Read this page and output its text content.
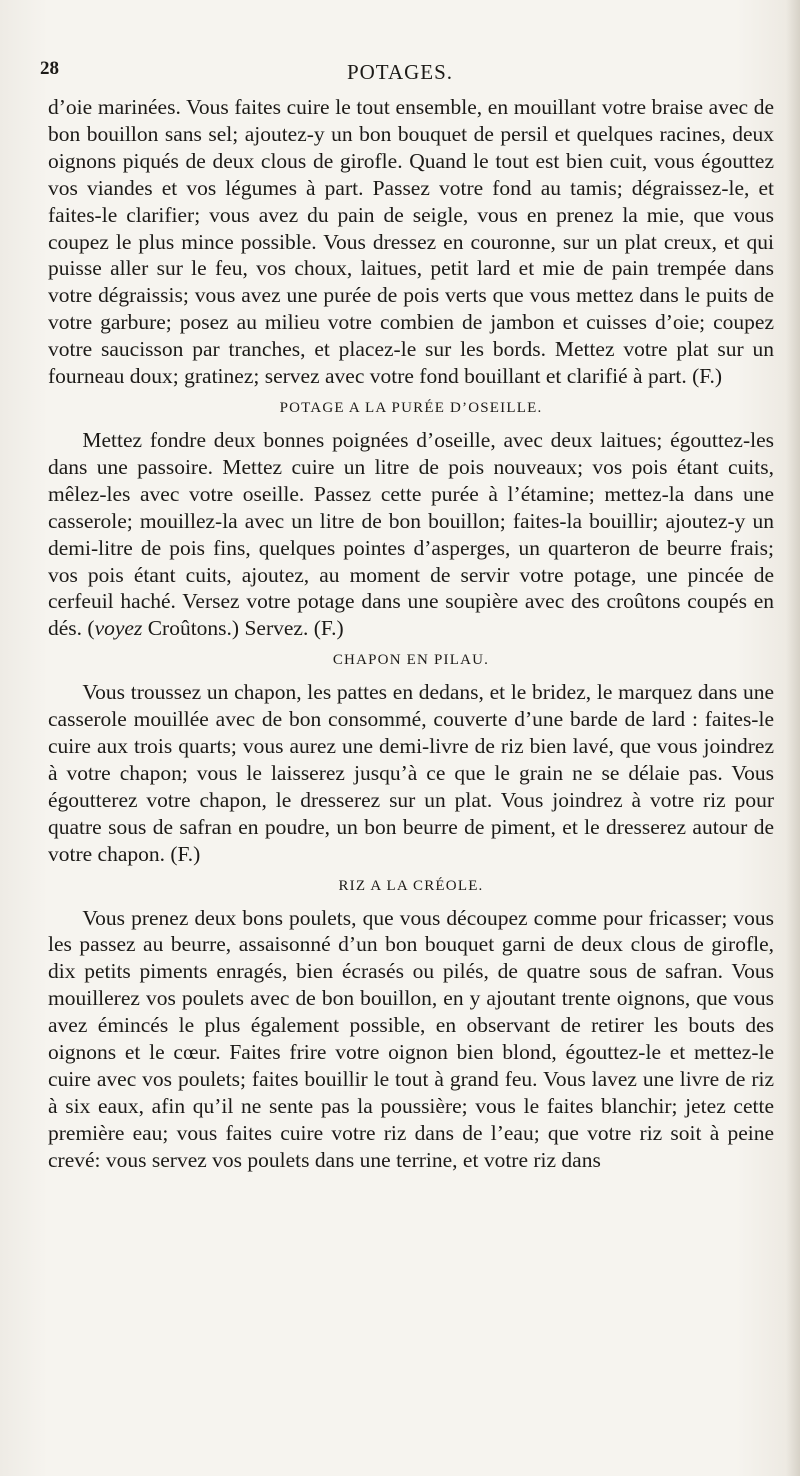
28	POTAGES.

d’oie marinées. Vous faites cuire le tout ensemble, en mouillant votre braise avec de bon bouillon sans sel; ajoutez-y un bon bouquet de persil et quelques racines, deux oignons piqués de deux clous de girofle. Quand le tout est bien cuit, vous égouttez vos viandes et vos légumes à part. Passez votre fond au tamis; dégraissez-le, et faites-le clarifier; vous avez du pain de seigle, vous en prenez la mie, que vous coupez le plus mince possible. Vous dressez en couronne, sur un plat creux, et qui puisse aller sur le feu, vos choux, laitues, petit lard et mie de pain trempée dans votre dégraissis; vous avez une purée de pois verts que vous mettez dans le puits de votre garbure; posez au milieu votre combien de jambon et cuisses d’oie; coupez votre saucisson par tranches, et placez-le sur les bords. Mettez votre plat sur un fourneau doux; gratinez; servez avec votre fond bouillant et clarifié à part. (F.)

POTAGE A LA PURÉE D’OSEILLE.

Mettez fondre deux bonnes poignées d’oseille, avec deux laitues; égouttez-les dans une passoire. Mettez cuire un litre de pois nouveaux; vos pois étant cuits, mêlez-les avec votre oseille. Passez cette purée à l’étamine; mettez-la dans une casserole; mouillez-la avec un litre de bon bouillon; faites-la bouillir; ajoutez-y un demi-litre de pois fins, quelques pointes d’asperges, un quarteron de beurre frais; vos pois étant cuits, ajoutez, au moment de servir votre potage, une pincée de cerfeuil haché. Versez votre potage dans une soupière avec des croûtons coupés en dés. (voyez Croûtons.) Servez. (F.)

CHAPON EN PILAU.

Vous troussez un chapon, les pattes en dedans, et le bridez, le marquez dans une casserole mouillée avec de bon consommé, couverte d’une barde de lard : faites-le cuire aux trois quarts; vous aurez une demi-livre de riz bien lavé, que vous joindrez à votre chapon; vous le laisserez jusqu’à ce que le grain ne se délaie pas. Vous égoutterez votre chapon, le dresserez sur un plat. Vous joindrez à votre riz pour quatre sous de safran en poudre, un bon beurre de piment, et le dresserez autour de votre chapon. (F.)

RIZ A LA CRÉOLE.

Vous prenez deux bons poulets, que vous découpez comme pour fricasser; vous les passez au beurre, assaisonné d’un bon bouquet garni de deux clous de girofle, dix petits piments enragés, bien écrasés ou pilés, de quatre sous de safran. Vous mouillerez vos poulets avec de bon bouillon, en y ajoutant trente oignons, que vous avez émincés le plus également possible, en observant de retirer les bouts des oignons et le cœur. Faites frire votre oignon bien blond, égouttez-le et mettez-le cuire avec vos poulets; faites bouillir le tout à grand feu. Vous lavez une livre de riz à six eaux, afin qu’il ne sente pas la poussière; vous le faites blanchir; jetez cette première eau; vous faites cuire votre riz dans de l’eau; que votre riz soit à peine crevé: vous servez vos poulets dans une terrine, et votre riz dans
